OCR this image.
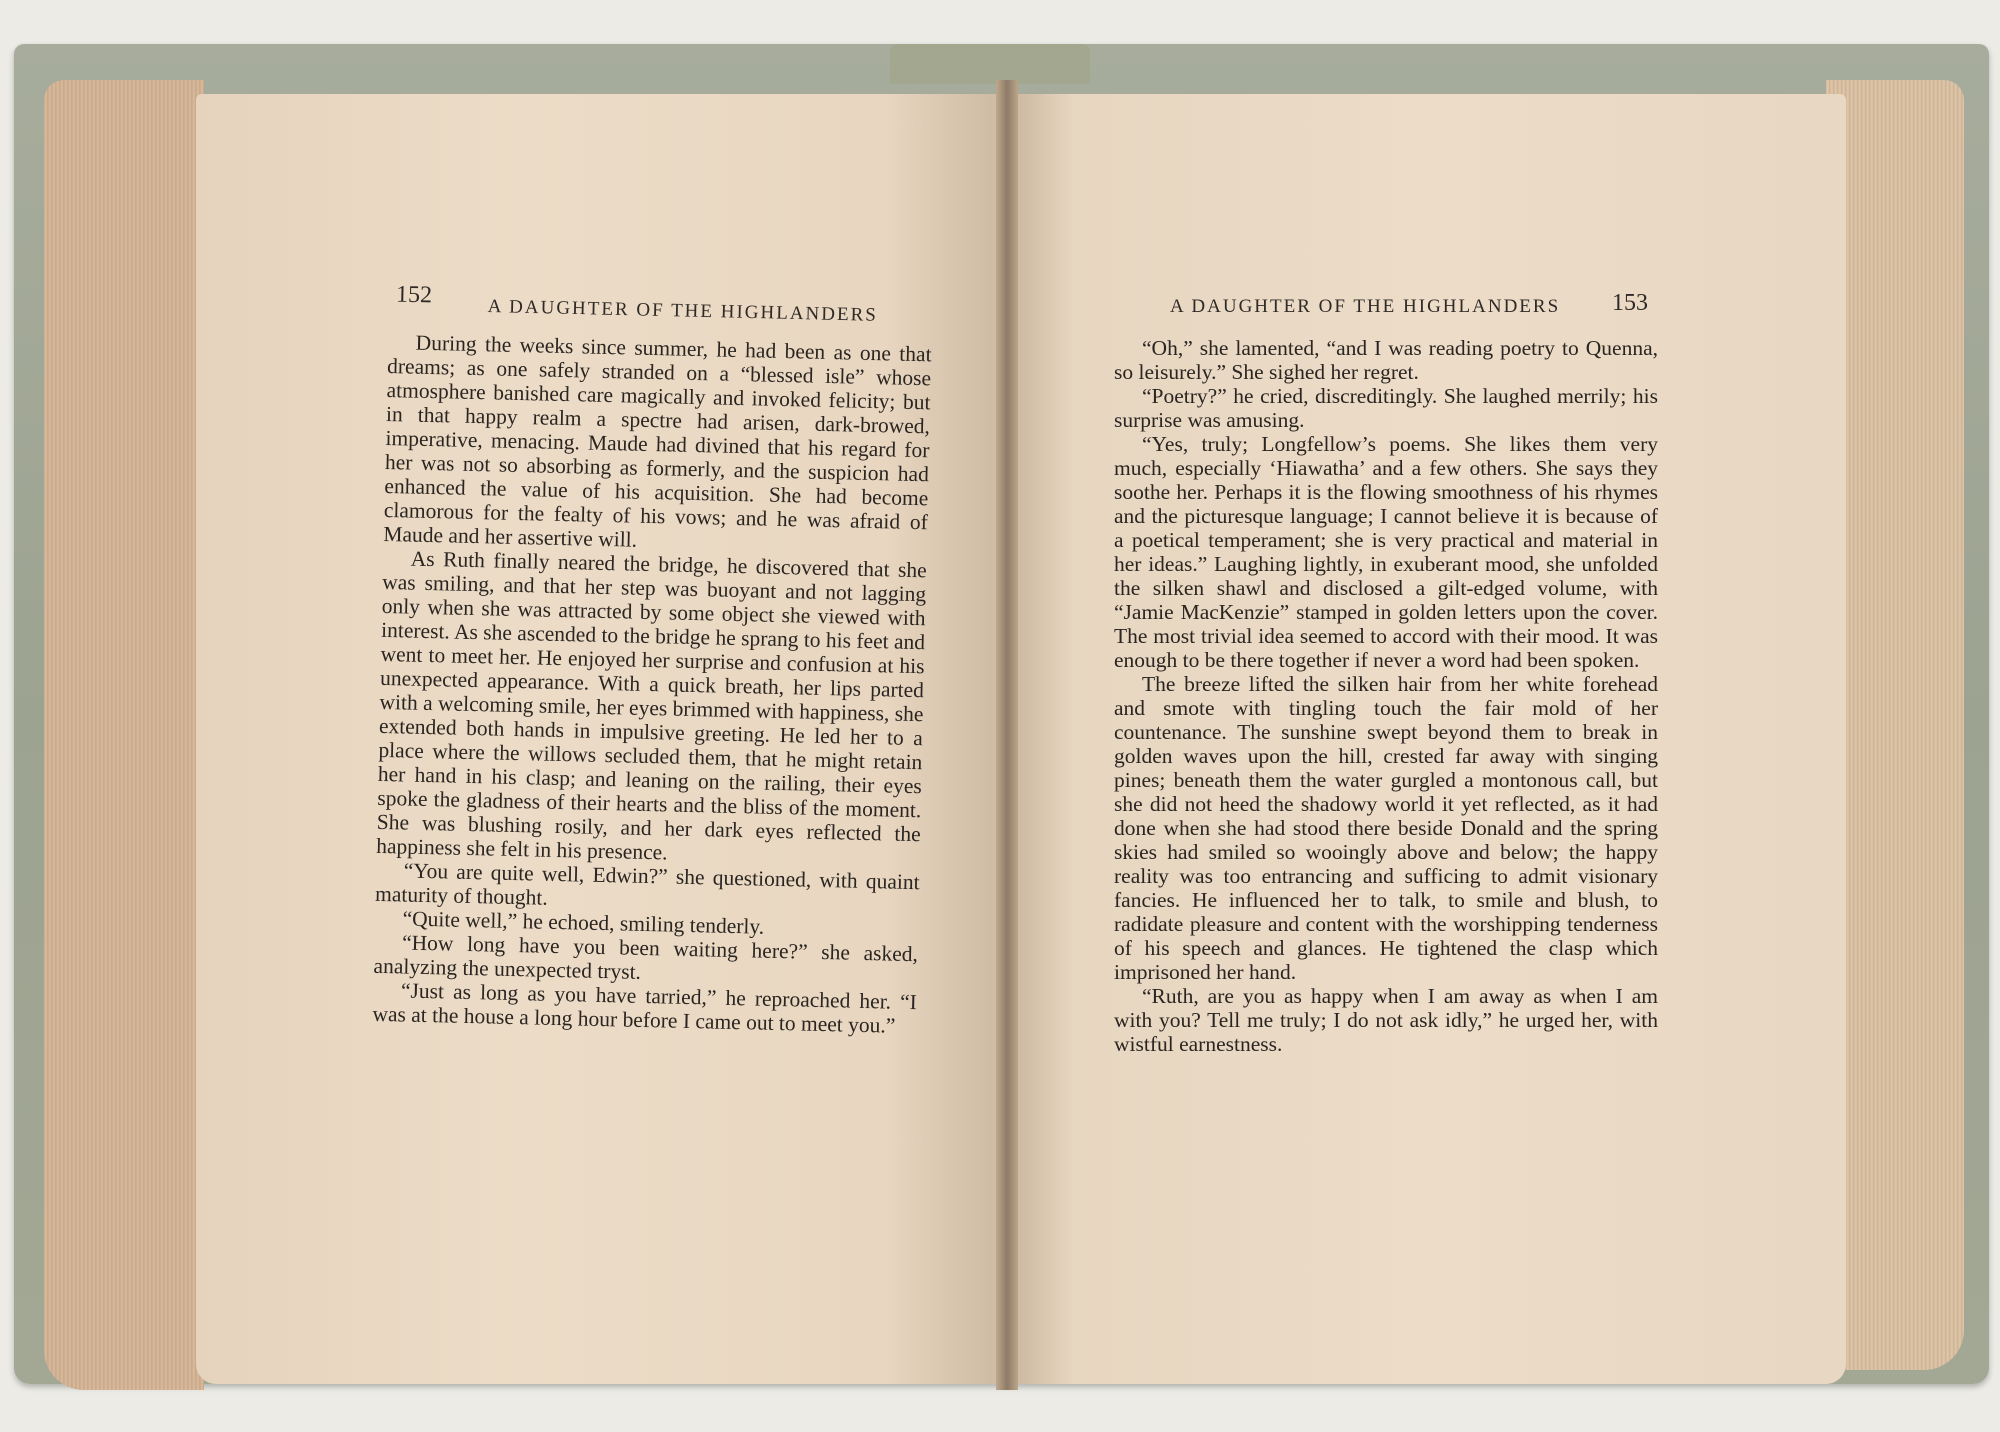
152
A DAUGHTER OF THE HIGHLANDERS

During the weeks since summer, he had been as one that dreams; as one safely stranded on a “blessed isle” whose atmosphere banished care magically and invoked felicity; but in that happy realm a spectre had arisen, dark-browed, imperative, menacing. Maude had divined that his regard for her was not so absorbing as formerly, and the suspicion had enhanced the value of his acquisition. She had become clamorous for the fealty of his vows; and he was afraid of Maude and her assertive will.

As Ruth finally neared the bridge, he discovered that she was smiling, and that her step was buoyant and not lagging only when she was attracted by some object she viewed with interest. As she ascended to the bridge he sprang to his feet and went to meet her. He enjoyed her surprise and confusion at his unexpected appearance. With a quick breath, her lips parted with a welcoming smile, her eyes brimmed with happiness, she extended both hands in impulsive greeting. He led her to a place where the willows secluded them, that he might retain her hand in his clasp; and leaning on the railing, their eyes spoke the gladness of their hearts and the bliss of the moment. She was blushing rosily, and her dark eyes reflected the happiness she felt in his presence.

“You are quite well, Edwin?” she questioned, with quaint maturity of thought.

“Quite well,” he echoed, smiling tenderly.

“How long have you been waiting here?” she asked, analyzing the unexpected tryst.

“Just as long as you have tarried,” he reproached her. “I was at the house a long hour before I came out to meet you.”

A DAUGHTER OF THE HIGHLANDERS 153

“Oh,” she lamented, “and I was reading poetry to Quenna, so leisurely.” She sighed her regret.

“Poetry?” he cried, discreditingly. She laughed merrily; his surprise was amusing.

“Yes, truly; Longfellow’s poems. She likes them very much, especially ‘Hiawatha’ and a few others. She says they soothe her. Perhaps it is the flowing smoothness of his rhymes and the picturesque language; I cannot believe it is because of a poetical temperament; she is very practical and material in her ideas.” Laughing lightly, in exuberant mood, she unfolded the silken shawl and disclosed a gilt-edged volume, with “Jamie MacKenzie” stamped in golden letters upon the cover. The most trivial idea seemed to accord with their mood. It was enough to be there together if never a word had been spoken.

The breeze lifted the silken hair from her white forehead and smote with tingling touch the fair mold of her countenance. The sunshine swept beyond them to break in golden waves upon the hill, crested far away with singing pines; beneath them the water gurgled a montonous call, but she did not heed the shadowy world it yet reflected, as it had done when she had stood there beside Donald and the spring skies had smiled so wooingly above and below; the happy reality was too entrancing and sufficing to admit visionary fancies. He influenced her to talk, to smile and blush, to radidate pleasure and content with the worshipping tenderness of his speech and glances. He tightened the clasp which imprisoned her hand.

“Ruth, are you as happy when I am away as when I am with you? Tell me truly; I do not ask idly,” he urged her, with wistful earnestness.
